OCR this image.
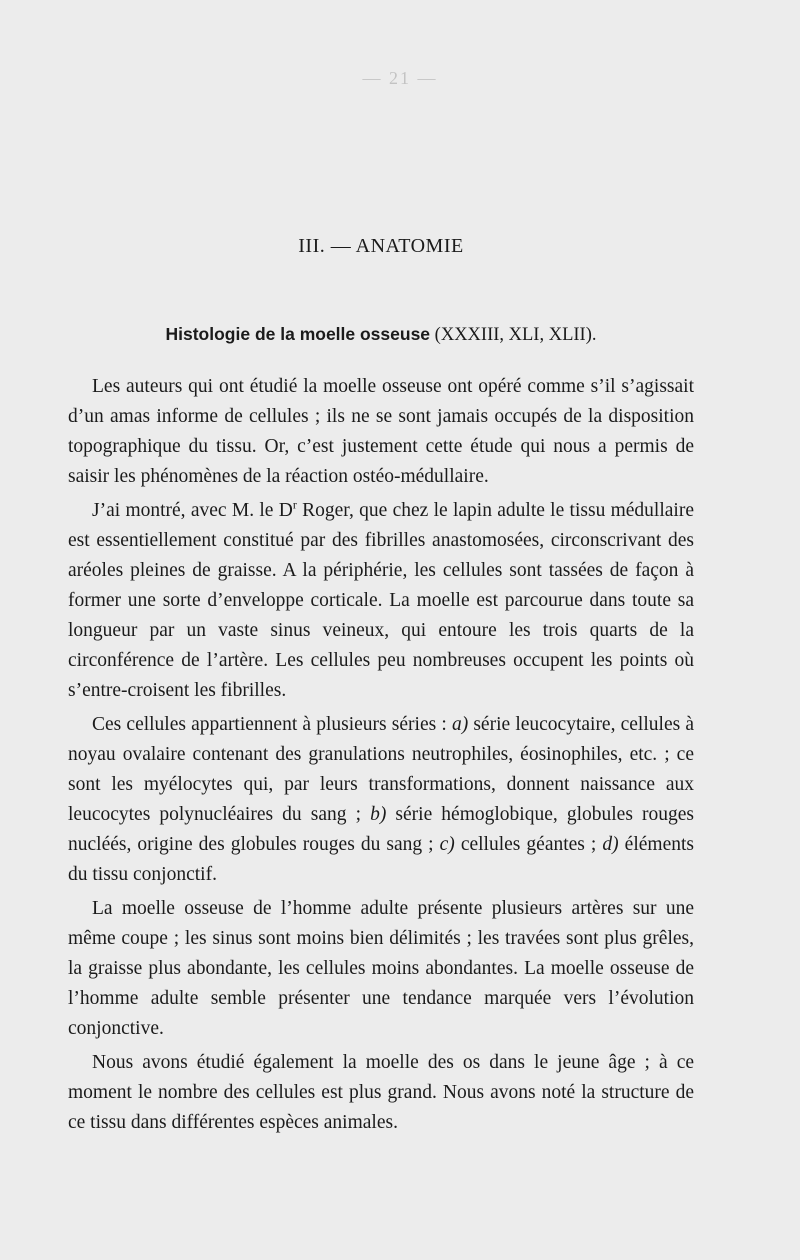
— 21 —
III. — ANATOMIE
Histologie de la moelle osseuse (XXXIII, XLI, XLII).

Les auteurs qui ont étudié la moelle osseuse ont opéré comme s’il s’agissait d’un amas informe de cellules ; ils ne se sont jamais occupés de la disposition topographique du tissu. Or, c’est justement cette étude qui nous a permis de saisir les phénomènes de la réaction ostéo-médullaire.

J’ai montré, avec M. le $D^r$ Roger, que chez le lapin adulte le tissu médullaire est essentiellement constitué par des fibrilles anastomosées, circonscrivant des aréoles pleines de graisse. A la périphérie, les cellules sont tassées de façon à former une sorte d’enveloppe corticale. La moelle est parcourue dans toute sa longueur par un vaste sinus veineux, qui entoure les trois quarts de la circonférence de l’artère. Les cellules peu nombreuses occupent les points où s’entre-croisent les fibrilles.

Ces cellules appartiennent à plusieurs séries : a) série leucocytaire, cellules à noyau ovalaire contenant des granulations neutrophiles, éosinophiles, etc. ; ce sont les myélocytes qui, par leurs transformations, donnent naissance aux leucocytes polynucléaires du sang ; b) série hémoglobique, globules rouges nucléés, origine des globules rouges du sang ; c) cellules géantes ; d) éléments du tissu conjonctif.

La moelle osseuse de l’homme adulte présente plusieurs artères sur une même coupe ; les sinus sont moins bien délimités ; les travées sont plus grêles, la graisse plus abondante, les cellules moins abondantes. La moelle osseuse de l’homme adulte semble présenter une tendance marquée vers l’évolution conjonctive.

Nous avons étudié également la moelle des os dans le jeune âge ; à ce moment le nombre des cellules est plus grand. Nous avons noté la structure de ce tissu dans différentes espèces animales.
